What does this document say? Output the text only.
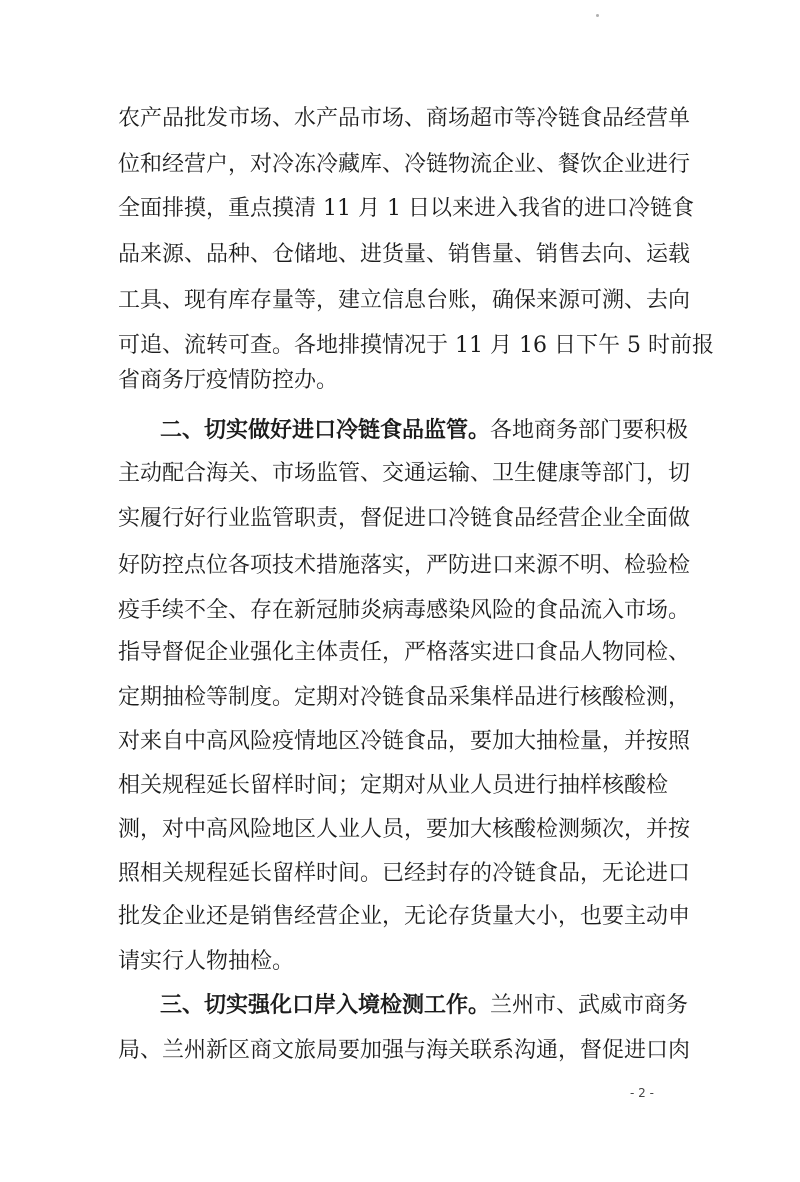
农产品批发市场、水产品市场、商场超市等冷链食品经营单

位和经营户，对冷冻冷藏库、冷链物流企业、餐饮企业进行

全面排摸，重点摸清 11 月 1 日以来进入我省的进口冷链食

品来源、品种、仓储地、进货量、销售量、销售去向、运载

工具、现有库存量等，建立信息台账，确保来源可溯、去向

可追、流转可查。各地排摸情况于 11 月 16 日下午 5 时前报

省商务厅疫情防控办。

二、切实做好进口冷链食品监管。各地商务部门要积极

主动配合海关、市场监管、交通运输、卫生健康等部门，切

实履行好行业监管职责，督促进口冷链食品经营企业全面做

好防控点位各项技术措施落实，严防进口来源不明、检验检

疫手续不全、存在新冠肺炎病毒感染风险的食品流入市场。

指导督促企业强化主体责任，严格落实进口食品人物同检、

定期抽检等制度。定期对冷链食品采集样品进行核酸检测，

对来自中高风险疫情地区冷链食品，要加大抽检量，并按照

相关规程延长留样时间；定期对从业人员进行抽样核酸检

测，对中高风险地区人业人员，要加大核酸检测频次，并按

照相关规程延长留样时间。已经封存的冷链食品，无论进口

批发企业还是销售经营企业，无论存货量大小，也要主动申

请实行人物抽检。

三、切实强化口岸入境检测工作。兰州市、武威市商务

局、兰州新区商文旅局要加强与海关联系沟通，督促进口肉

- 2 -
